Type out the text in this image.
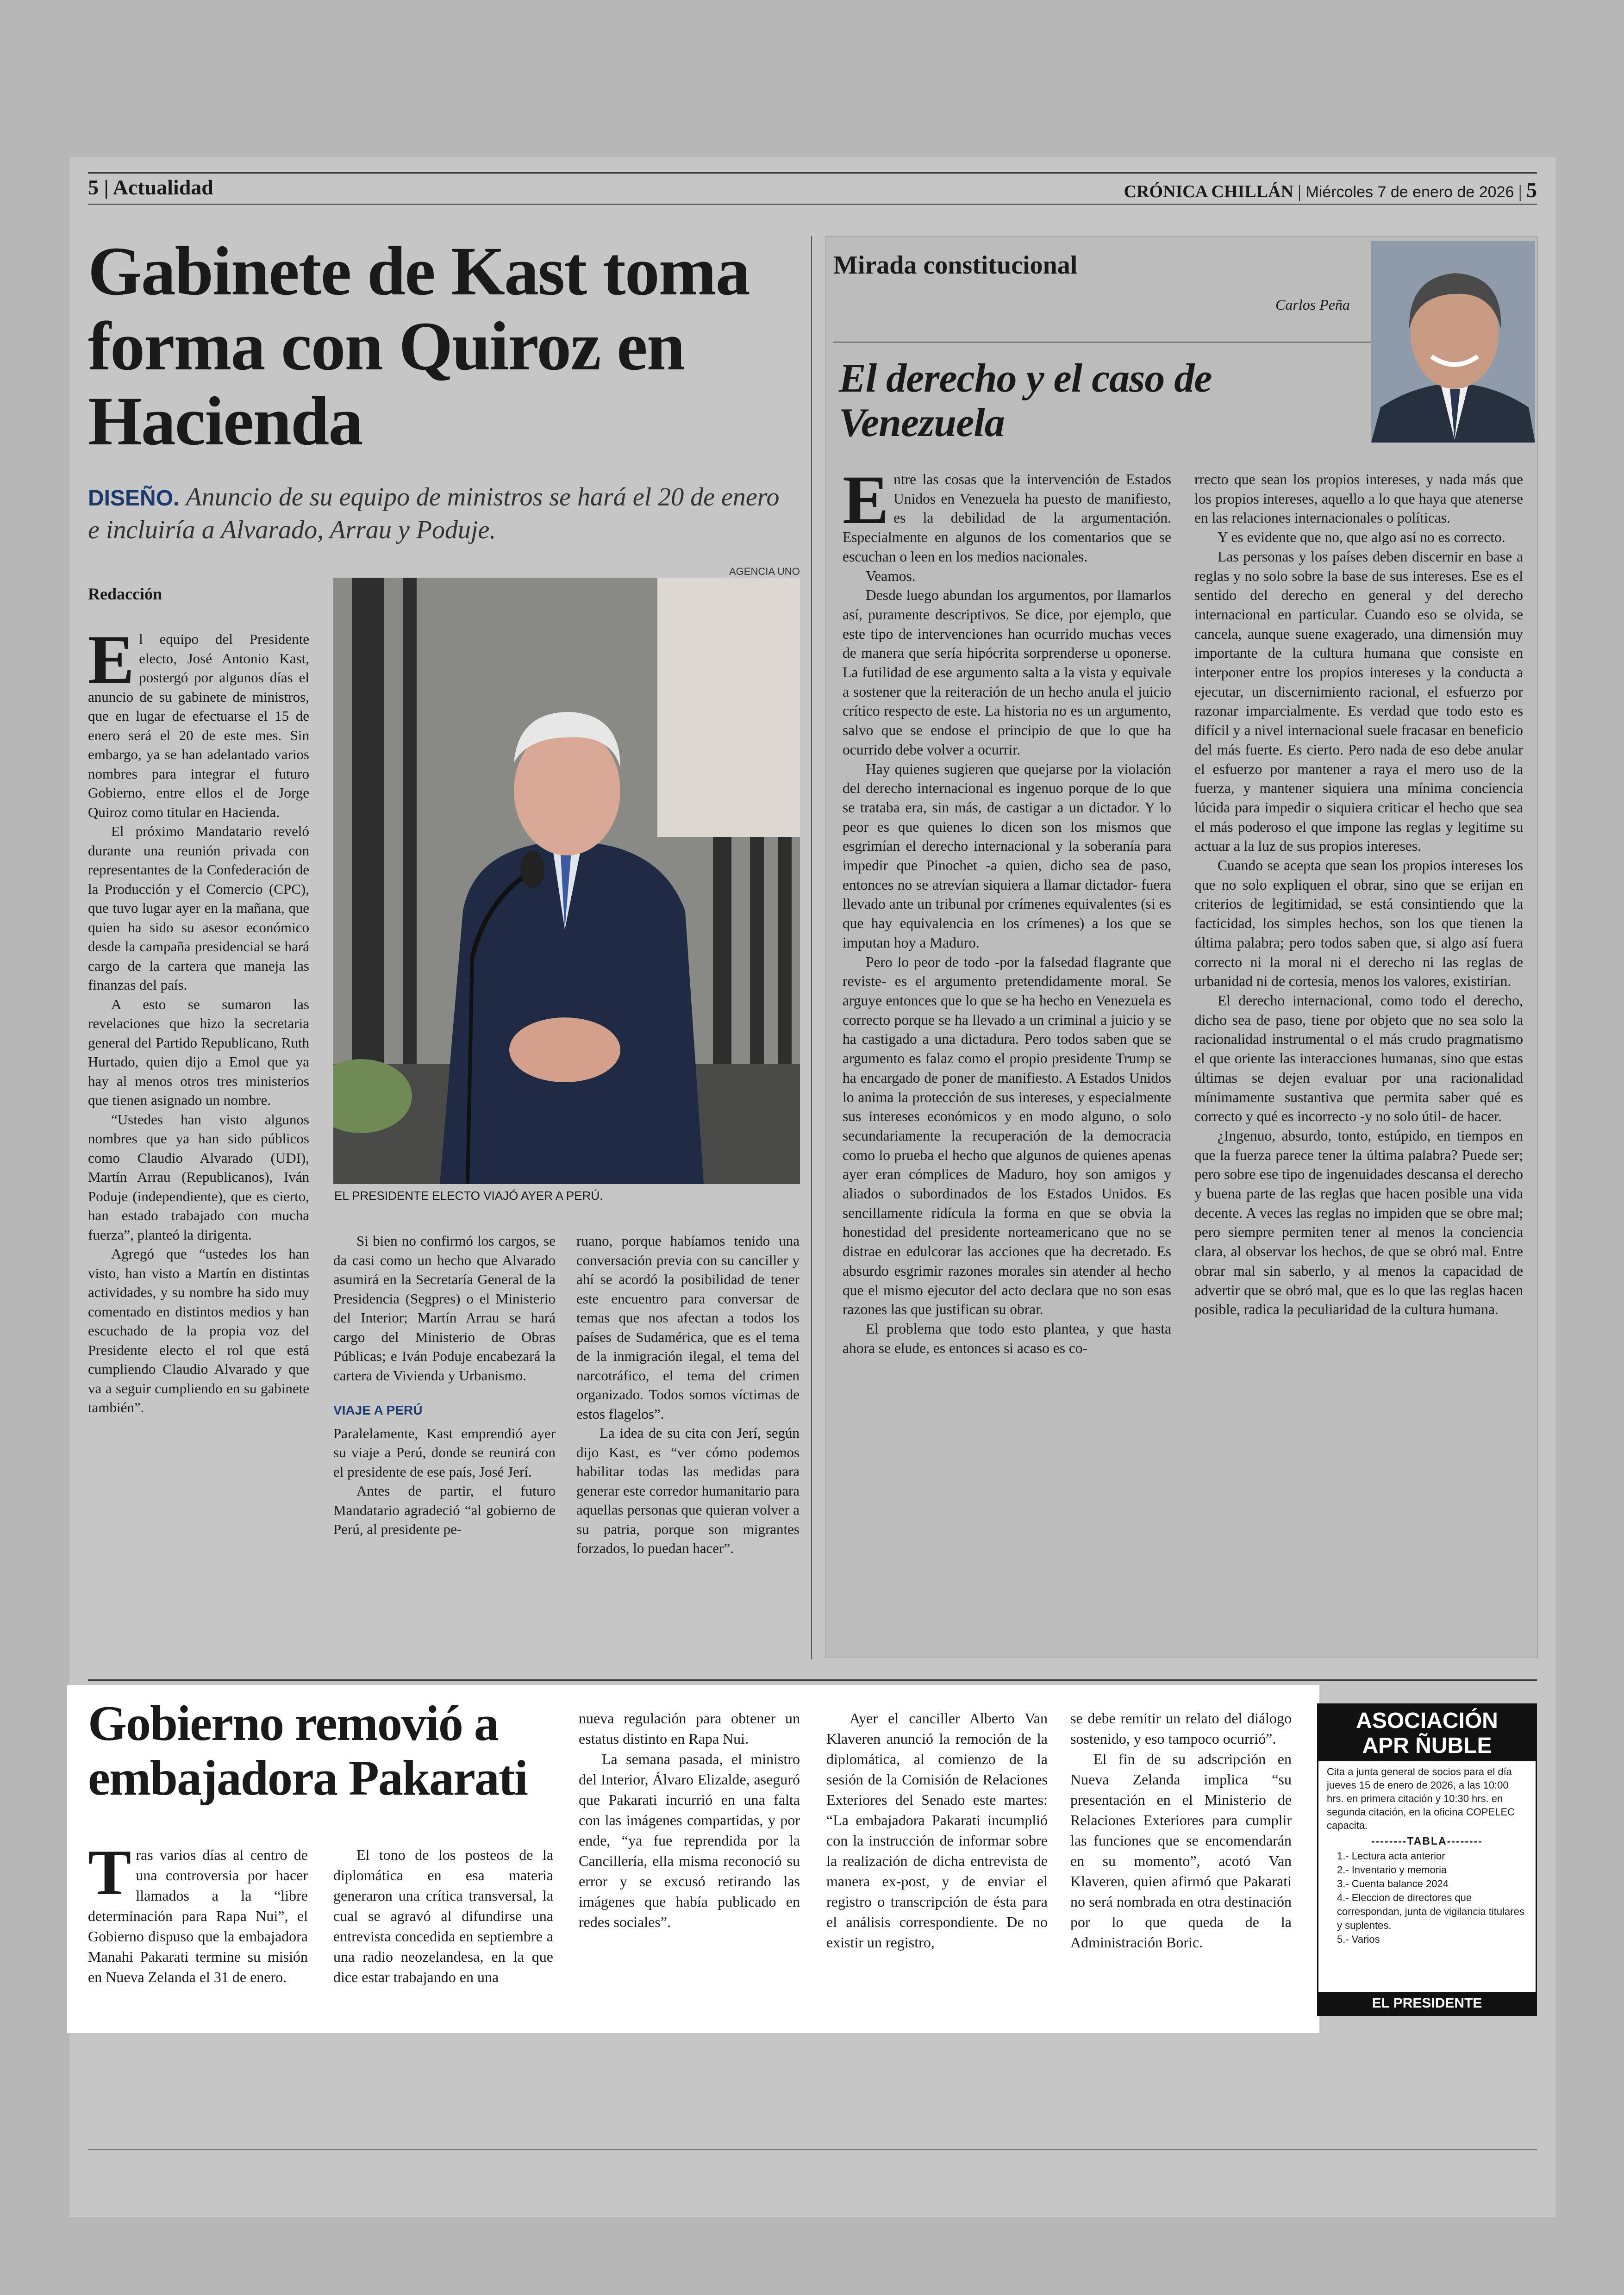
5 | Actualidad	CRÓNICA CHILLÁN | Miércoles 7 de enero de 2026 | 5
Gabinete de Kast toma forma con Quiroz en Hacienda
DISEÑO. Anuncio de su equipo de ministros se hará el 20 de enero e incluiría a Alvarado, Arrau y Poduje.
AGENCIA UNO
Redacción
EL PRESIDENTE ELECTO VIAJÓ AYER A PERÚ.

El equipo del Presidente electo, José Antonio Kast, postergó por algunos días el anuncio de su gabinete de ministros, que en lugar de efectuarse el 15 de enero será el 20 de este mes. Sin embargo, ya se han adelantado varios nombres para integrar el futuro Gobierno, entre ellos el de Jorge Quiroz como titular en Hacienda.

El próximo Mandatario reveló durante una reunión privada con representantes de la Confederación de la Producción y el Comercio (CPC), que tuvo lugar ayer en la mañana, que quien ha sido su asesor económico desde la campaña presidencial se hará cargo de la cartera que maneja las finanzas del país.

A esto se sumaron las revelaciones que hizo la secretaria general del Partido Republicano, Ruth Hurtado, quien dijo a Emol que ya hay al menos otros tres ministerios que tienen asignado un nombre.

“Ustedes han visto algunos nombres que ya han sido públicos como Claudio Alvarado (UDI), Martín Arrau (Republicanos), Iván Poduje (independiente), que es cierto, han estado trabajado con mucha fuerza”, planteó la dirigenta.

Agregó que “ustedes los han visto, han visto a Martín en distintas actividades, y su nombre ha sido muy comentado en distintos medios y han escuchado de la propia voz del Presidente electo el rol que está cumpliendo Claudio Alvarado y que va a seguir cumpliendo en su gabinete también”.

Si bien no confirmó los cargos, se da casi como un hecho que Alvarado asumirá en la Secretaría General de la Presidencia (Segpres) o el Ministerio del Interior; Martín Arrau se hará cargo del Ministerio de Obras Públicas; e Iván Poduje encabezará la cartera de Vivienda y Urbanismo.

VIAJE A PERÚ

Paralelamente, Kast emprendió ayer su viaje a Perú, donde se reunirá con el presidente de ese país, José Jerí.

Antes de partir, el futuro Mandatario agradeció “al gobierno de Perú, al presidente pe-

ruano, porque habíamos tenido una conversación previa con su canciller y ahí se acordó la posibilidad de tener este encuentro para conversar de temas que nos afectan a todos los países de Sudamérica, que es el tema de la inmigración ilegal, el tema del narcotráfico, el tema del crimen organizado. Todos somos víctimas de estos flagelos”.

La idea de su cita con Jerí, según dijo Kast, es “ver cómo podemos habilitar todas las medidas para generar este corredor humanitario para aquellas personas que quieran volver a su patria, porque son migrantes forzados, lo puedan hacer”.

Mirada constitucional
Carlos Peña
El derecho y el caso de Venezuela

Entre las cosas que la intervención de Estados Unidos en Venezuela ha puesto de manifiesto, es la debilidad de la argumentación. Especialmente en algunos de los comentarios que se escuchan o leen en los medios nacionales.

Veamos.

Desde luego abundan los argumentos, por llamarlos así, puramente descriptivos. Se dice, por ejemplo, que este tipo de intervenciones han ocurrido muchas veces de manera que sería hipócrita sorprenderse u oponerse. La futilidad de ese argumento salta a la vista y equivale a sostener que la reiteración de un hecho anula el juicio crítico respecto de este. La historia no es un argumento, salvo que se endose el principio de que lo que ha ocurrido debe volver a ocurrir.

Hay quienes sugieren que quejarse por la violación del derecho internacional es ingenuo porque de lo que se trataba era, sin más, de castigar a un dictador. Y lo peor es que quienes lo dicen son los mismos que esgrimían el derecho internacional y la soberanía para impedir que Pinochet -a quien, dicho sea de paso, entonces no se atrevían siquiera a llamar dictador- fuera llevado ante un tribunal por crímenes equivalentes (si es que hay equivalencia en los crímenes) a los que se imputan hoy a Maduro.

Pero lo peor de todo -por la falsedad flagrante que reviste- es el argumento pretendidamente moral. Se arguye entonces que lo que se ha hecho en Venezuela es correcto porque se ha llevado a un criminal a juicio y se ha castigado a una dictadura. Pero todos saben que se argumento es falaz como el propio presidente Trump se ha encargado de poner de manifiesto. A Estados Unidos lo anima la protección de sus intereses, y especialmente sus intereses económicos y en modo alguno, o solo secundariamente la recuperación de la democracia como lo prueba el hecho que algunos de quienes apenas ayer eran cómplices de Maduro, hoy son amigos y aliados o subordinados de los Estados Unidos. Es sencillamente ridícula la forma en que se obvia la honestidad del presidente norteamericano que no se distrae en edulcorar las acciones que ha decretado. Es absurdo esgrimir razones morales sin atender al hecho que el mismo ejecutor del acto declara que no son esas razones las que justifican su obrar.

El problema que todo esto plantea, y que hasta ahora se elude, es entonces si acaso es co-

rrecto que sean los propios intereses, y nada más que los propios intereses, aquello a lo que haya que atenerse en las relaciones internacionales o políticas.

Y es evidente que no, que algo así no es correcto.

Las personas y los países deben discernir en base a reglas y no solo sobre la base de sus intereses. Ese es el sentido del derecho en general y del derecho internacional en particular. Cuando eso se olvida, se cancela, aunque suene exagerado, una dimensión muy importante de la cultura humana que consiste en interponer entre los propios intereses y la conducta a ejecutar, un discernimiento racional, el esfuerzo por razonar imparcialmente. Es verdad que todo esto es difícil y a nivel internacional suele fracasar en beneficio del más fuerte. Es cierto. Pero nada de eso debe anular el esfuerzo por mantener a raya el mero uso de la fuerza, y mantener siquiera una mínima conciencia lúcida para impedir o siquiera criticar el hecho que sea el más poderoso el que impone las reglas y legitime su actuar a la luz de sus propios intereses.

Cuando se acepta que sean los propios intereses los que no solo expliquen el obrar, sino que se erijan en criterios de legitimidad, se está consintiendo que la facticidad, los simples hechos, son los que tienen la última palabra; pero todos saben que, si algo así fuera correcto ni la moral ni el derecho ni las reglas de urbanidad ni de cortesía, menos los valores, existirían.

El derecho internacional, como todo el derecho, dicho sea de paso, tiene por objeto que no sea solo la racionalidad instrumental o el más crudo pragmatismo el que oriente las interacciones humanas, sino que estas últimas se dejen evaluar por una racionalidad mínimamente sustantiva que permita saber qué es correcto y qué es incorrecto -y no solo útil- de hacer.

¿Ingenuo, absurdo, tonto, estúpido, en tiempos en que la fuerza parece tener la última palabra? Puede ser; pero sobre ese tipo de ingenuidades descansa el derecho y buena parte de las reglas que hacen posible una vida decente. A veces las reglas no impiden que se obre mal; pero siempre permiten tener al menos la conciencia clara, al observar los hechos, de que se obró mal. Entre obrar mal sin saberlo, y al menos la capacidad de advertir que se obró mal, que es lo que las reglas hacen posible, radica la peculiaridad de la cultura humana.

Gobierno removió a embajadora Pakarati

Tras varios días al centro de una controversia por hacer llamados a la “libre determinación para Rapa Nui”, el Gobierno dispuso que la embajadora Manahi Pakarati termine su misión en Nueva Zelanda el 31 de enero.

El tono de los posteos de la diplomática en esa materia generaron una crítica transversal, la cual se agravó al difundirse una entrevista concedida en septiembre a una radio neozelandesa, en la que dice estar trabajando en una

nueva regulación para obtener un estatus distinto en Rapa Nui.

La semana pasada, el ministro del Interior, Álvaro Elizalde, aseguró que Pakarati incurrió en una falta con las imágenes compartidas, y por ende, “ya fue reprendida por la Cancillería, ella misma reconoció su error y se excusó retirando las imágenes que había publicado en redes sociales”.

Ayer el canciller Alberto Van Klaveren anunció la remoción de la diplomática, al comienzo de la sesión de la Comisión de Relaciones Exteriores del Senado este martes: “La embajadora Pakarati incumplió con la instrucción de informar sobre la realización de dicha entrevista de manera ex-post, y de enviar el registro o transcripción de ésta para el análisis correspondiente. De no existir un registro,

se debe remitir un relato del diálogo sostenido, y eso tampoco ocurrió”.

El fin de su adscripción en Nueva Zelanda implica “su presentación en el Ministerio de Relaciones Exteriores para cumplir las funciones que se encomendarán en su momento”, acotó Van Klaveren, quien afirmó que Pakarati no será nombrada en otra destinación por lo que queda de la Administración Boric.

ASOCIACIÓN
APR ÑUBLE
Cita a junta general de socios para el día jueves 15 de enero de 2026, a las 10:00 hrs. en primera citación y 10:30 hrs. en segunda citación, en la oficina COPELEC capacita.
--------TABLA--------
1.- Lectura acta anterior
2.- Inventario y memoria
3.- Cuenta balance 2024
4.- Eleccion de directores que correspondan, junta de vigilancia titulares y suplentes.
5.- Varios
EL PRESIDENTE
